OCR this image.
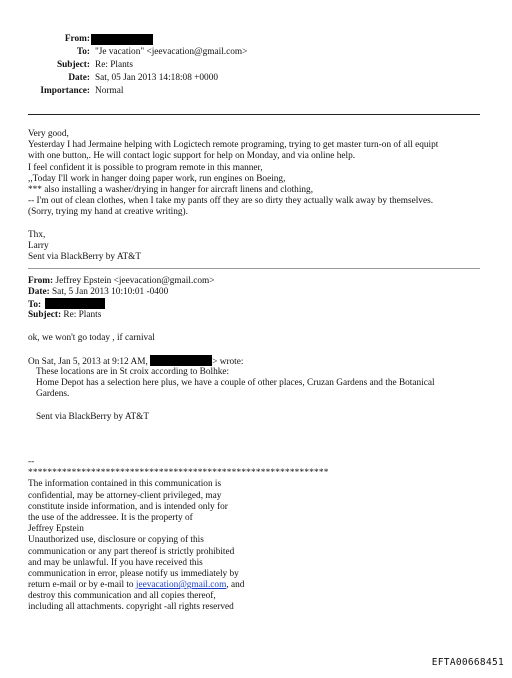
From:
To: "Je vacation" <jeevacation@gmail.com>
Subject: Re: Plants
Date: Sat, 05 Jan 2013 14:18:08 +0000
Importance: Normal
Very good,
Yesterday I had Jermaine helping with Logictech remote programing, trying to get master turn-on of all equipt
with one button,. He will contact logic support for help on Monday, and via online help.
I feel confident it is possible to program remote in this manner,
,,Today I'll work in hanger doing paper work, run engines on Boeing,
*** also installing a washer/drying in hanger for aircraft linens and clothing,
-- I'm out of clean clothes, when I take my pants off they are so dirty they actually walk away by themselves.
(Sorry, trying my hand at creative writing).
Thx,
Larry
Sent via BlackBerry by AT&T
From: Jeffrey Epstein <jeevacation@gmail.com>
Date: Sat, 5 Jan 2013 10:10:01 -0400
To:
Subject: Re: Plants
ok, we won't go today , if carnival
On Sat, Jan 5, 2013 at 9:12 AM,	> wrote:
These locations are in St croix according to Bolhke:
Home Depot has a selection here plus, we have a couple of other places, Cruzan Gardens and the Botanical
Gardens.
Sent via BlackBerry by AT&T
--
**************************************************************
The information contained in this communication is
confidential, may be attorney-client privileged, may
constitute inside information, and is intended only for
the use of the addressee. It is the property of
Jeffrey Epstein
Unauthorized use, disclosure or copying of this
communication or any part thereof is strictly prohibited
and may be unlawful. If you have received this
communication in error, please notify us immediately by
return e-mail or by e-mail to jeevacation@gmail.com, and
destroy this communication and all copies thereof,
including all attachments. copyright -all rights reserved
EFTA00668451
